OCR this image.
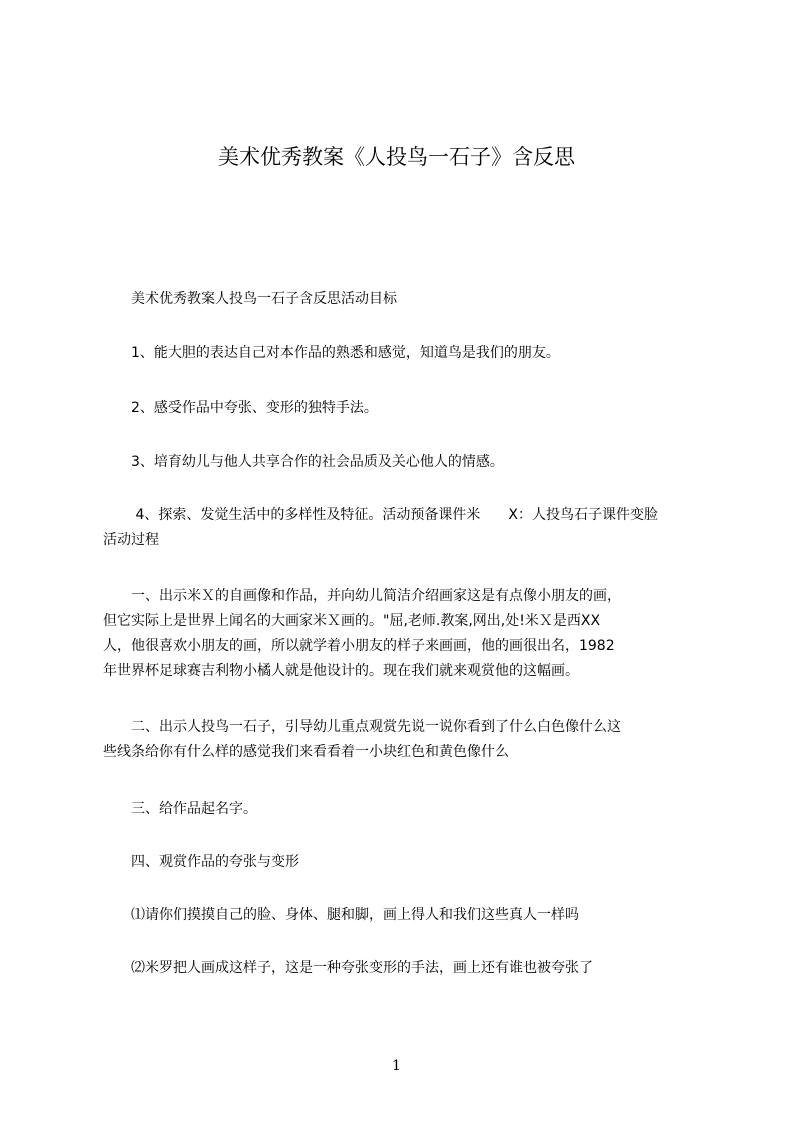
美术优秀教案《人投鸟一石子》含反思
　　美术优秀教案人投鸟一石子含反思活动目标
　　1、能大胆的表达自己对本作品的熟悉和感觉，知道鸟是我们的朋友。
　　2、感受作品中夸张、变形的独特手法。
　　3、培育幼儿与他人共享合作的社会品质及关心他人的情感。
　　 4、探索、发觉生活中的多样性及特征。活动预备课件米　　X：人投鸟石子课件变脸
活动过程
　　一、出示米Ｘ的自画像和作品，并向幼儿简洁介绍画家这是有点像小朋友的画，
但它实际上是世界上闻名的大画家米Ｘ画的。"屈,老师.教案,网出,处!米Ｘ是西XX
人，他很喜欢小朋友的画，所以就学着小朋友的样子来画画，他的画很出名，1982
年世界杯足球赛吉利物小橘人就是他设计的。现在我们就来观赏他的这幅画。
　　二、出示人投鸟一石子，引导幼儿重点观赏先说一说你看到了什么白色像什么这
些线条给你有什么样的感觉我们来看看着一小块红色和黄色像什么
　　三、给作品起名字。
　　四、观赏作品的夸张与变形
　　⑴请你们摸摸自己的脸、身体、腿和脚，画上得人和我们这些真人一样吗
　　⑵米罗把人画成这样子，这是一种夸张变形的手法，画上还有谁也被夸张了
1
